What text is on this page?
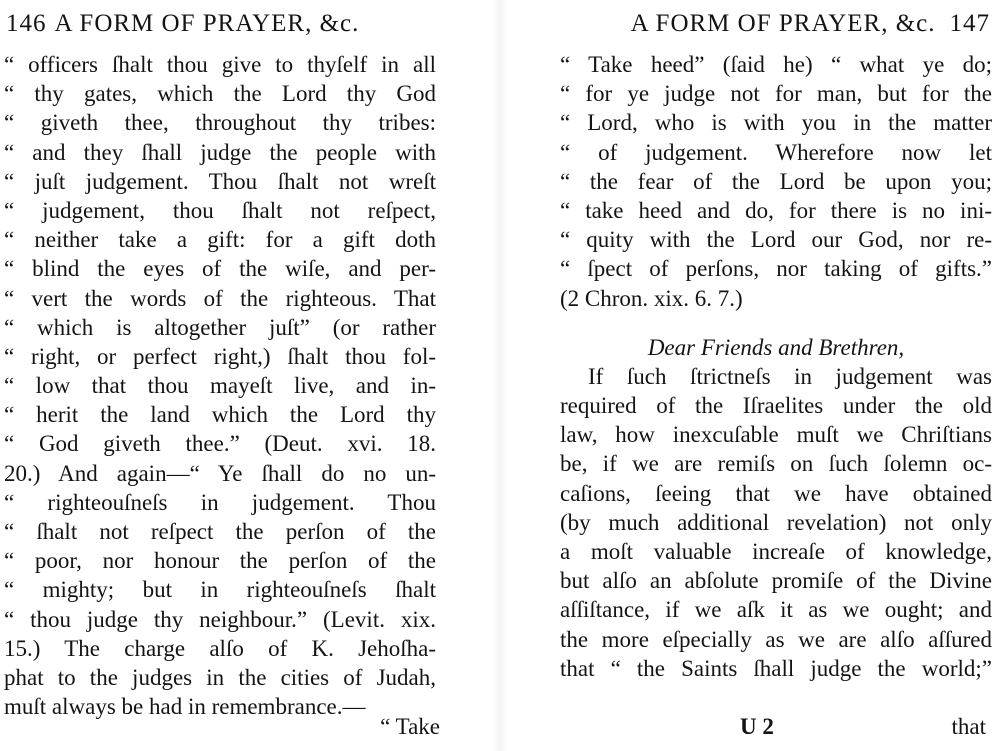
146 A FORM OF PRAYER, &c.
“ officers ſhalt thou give to thyſelf in all
“ thy gates, which the Lord thy God
“ giveth thee, throughout thy tribes:
“ and they ſhall judge the people with
“ juſt judgement. Thou ſhalt not wreſt
“ judgement, thou ſhalt not reſpect,
“ neither take a gift: for a gift doth
“ blind the eyes of the wiſe, and per-
“ vert the words of the righteous. That
“ which is altogether juſt” (or rather
“ right, or perfect right,) ſhalt thou fol-
“ low that thou mayeſt live, and in-
“ herit the land which the Lord thy
“ God giveth thee.” (Deut. xvi. 18.
20.) And again—“ Ye ſhall do no un-
“ righteouſneſs in judgement. Thou
“ ſhalt not reſpect the perſon of the
“ poor, nor honour the perſon of the
“ mighty; but in righteouſneſs ſhalt
“ thou judge thy neighbour.” (Levit. xix.
15.) The charge alſo of K. Jehoſha-
phat to the judges in the cities of Judah,
muſt always be had in remembrance.—
“ Take
A FORM OF PRAYER, &c. 147
“ Take heed” (ſaid he) “ what ye do;
“ for ye judge not for man, but for the
“ Lord, who is with you in the matter
“ of judgement. Wherefore now let
“ the fear of the Lord be upon you;
“ take heed and do, for there is no ini-
“ quity with the Lord our God, nor re-
“ ſpect of perſons, nor taking of gifts.”
(2 Chron. xix. 6. 7.)
Dear Friends and Brethren,
If ſuch ſtrictneſs in judgement was
required of the Iſraelites under the old
law, how inexcuſable muſt we Chriſtians
be, if we are remiſs on ſuch ſolemn oc-
caſions, ſeeing that we have obtained
(by much additional revelation) not only
a moſt valuable increaſe of knowledge,
but alſo an abſolute promiſe of the Divine
aſſiſtance, if we aſk it as we ought; and
the more eſpecially as we are alſo aſſured
that “ the Saints ſhall judge the world;”
U 2	that
